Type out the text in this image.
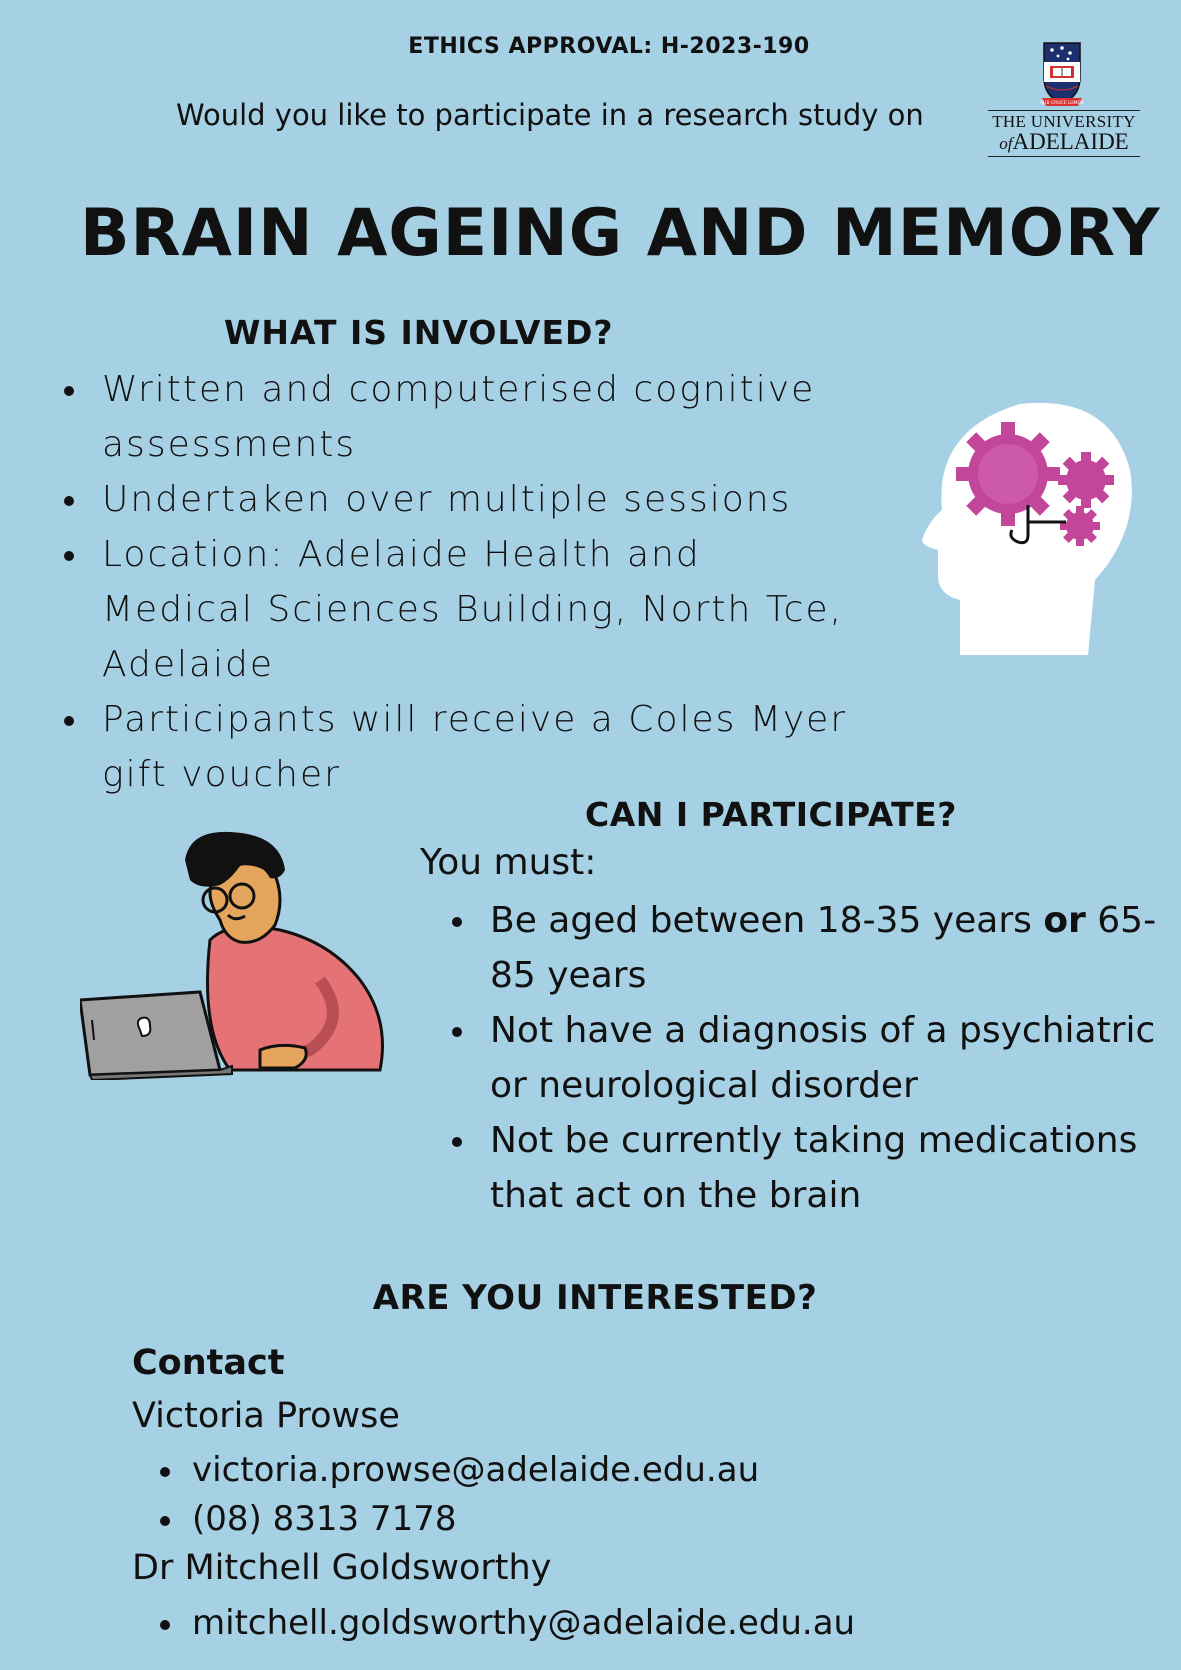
ETHICS APPROVAL: H-2023-190
Would you like to participate in a research study on	SUB CRUCE LUMEN
THE UNIVERSITY
ofADELAIDE
BRAIN AGEING AND MEMORY
WHAT IS INVOLVED?
Written and computerised cognitive assessments
Undertaken over multiple sessions
Location: Adelaide Health and Medical Sciences Building, North Tce, Adelaide
Participants will receive a Coles Myer gift voucher
CAN I PARTICIPATE?
You must:
Be aged between 18-35 years or 65-85 years
Not have a diagnosis of a psychiatric or neurological disorder
Not be currently taking medications that act on the brain
ARE YOU INTERESTED?
Contact
Victoria Prowse
victoria.prowse@adelaide.edu.au
(08) 8313 7178
Dr Mitchell Goldsworthy
mitchell.goldsworthy@adelaide.edu.au
